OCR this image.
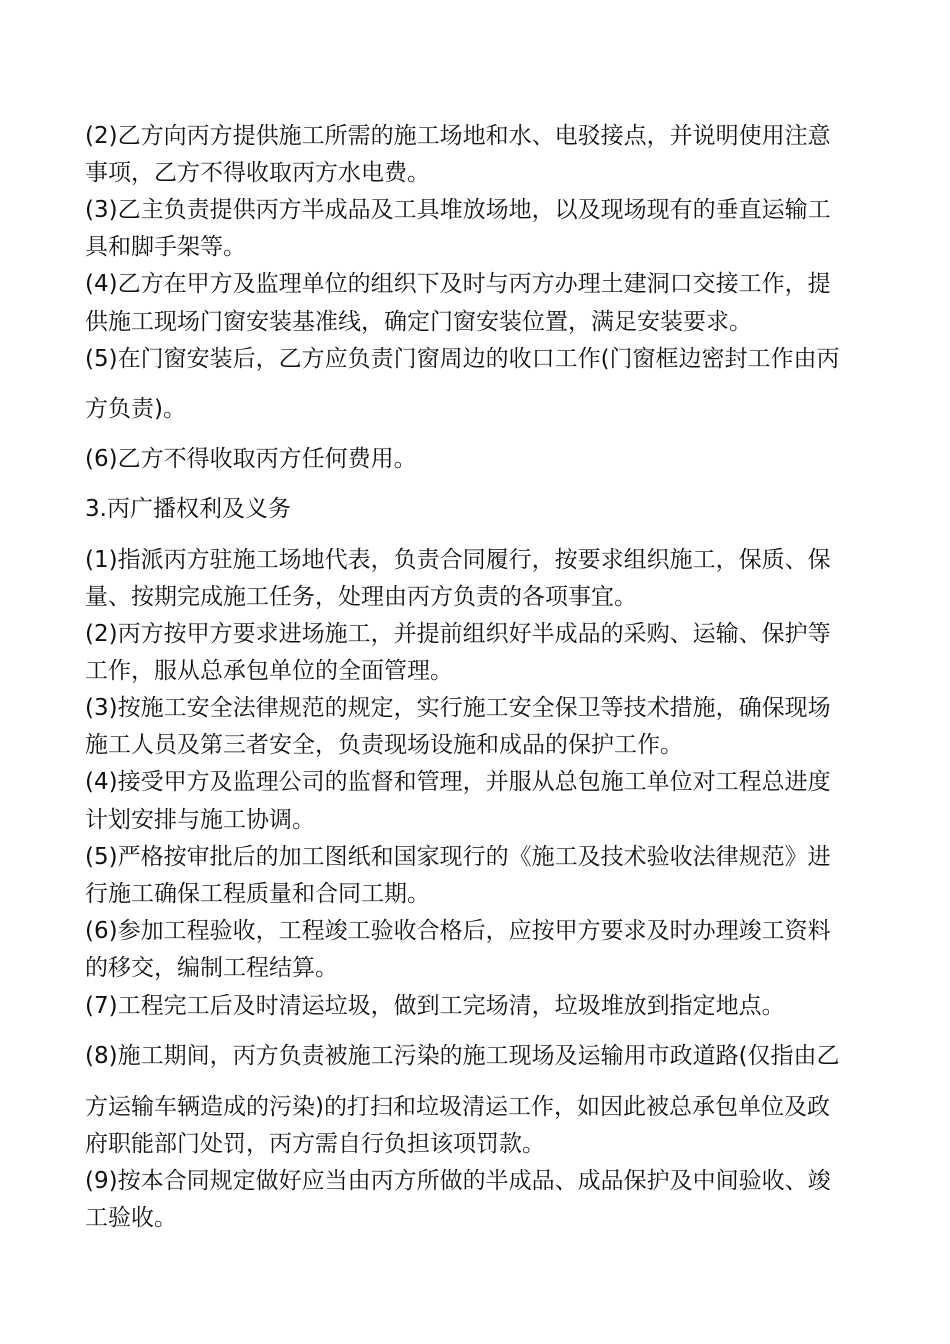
(2)乙方向丙方提供施工所需的施工场地和水、电驳接点，并说明使用注意
事项，乙方不得收取丙方水电费。
(3)乙主负责提供丙方半成品及工具堆放场地，以及现场现有的垂直运输工
具和脚手架等。
(4)乙方在甲方及监理单位的组织下及时与丙方办理土建洞口交接工作，提
供施工现场门窗安装基准线，确定门窗安装位置，满足安装要求。
(5)在门窗安装后，乙方应负责门窗周边的收口工作(门窗框边密封工作由丙
方负责)。
(6)乙方不得收取丙方任何费用。
3.丙广播权利及义务
(1)指派丙方驻施工场地代表，负责合同履行，按要求组织施工，保质、保
量、按期完成施工任务，处理由丙方负责的各项事宜。
(2)丙方按甲方要求进场施工，并提前组织好半成品的采购、运输、保护等
工作，服从总承包单位的全面管理。
(3)按施工安全法律规范的规定，实行施工安全保卫等技术措施，确保现场
施工人员及第三者安全，负责现场设施和成品的保护工作。
(4)接受甲方及监理公司的监督和管理，并服从总包施工单位对工程总进度
计划安排与施工协调。
(5)严格按审批后的加工图纸和国家现行的《施工及技术验收法律规范》进
行施工确保工程质量和合同工期。
(6)参加工程验收，工程竣工验收合格后，应按甲方要求及时办理竣工资料
的移交，编制工程结算。
(7)工程完工后及时清运垃圾，做到工完场清，垃圾堆放到指定地点。
(8)施工期间，丙方负责被施工污染的施工现场及运输用市政道路(仅指由乙
方运输车辆造成的污染)的打扫和垃圾清运工作，如因此被总承包单位及政
府职能部门处罚，丙方需自行负担该项罚款。
(9)按本合同规定做好应当由丙方所做的半成品、成品保护及中间验收、竣
工验收。
